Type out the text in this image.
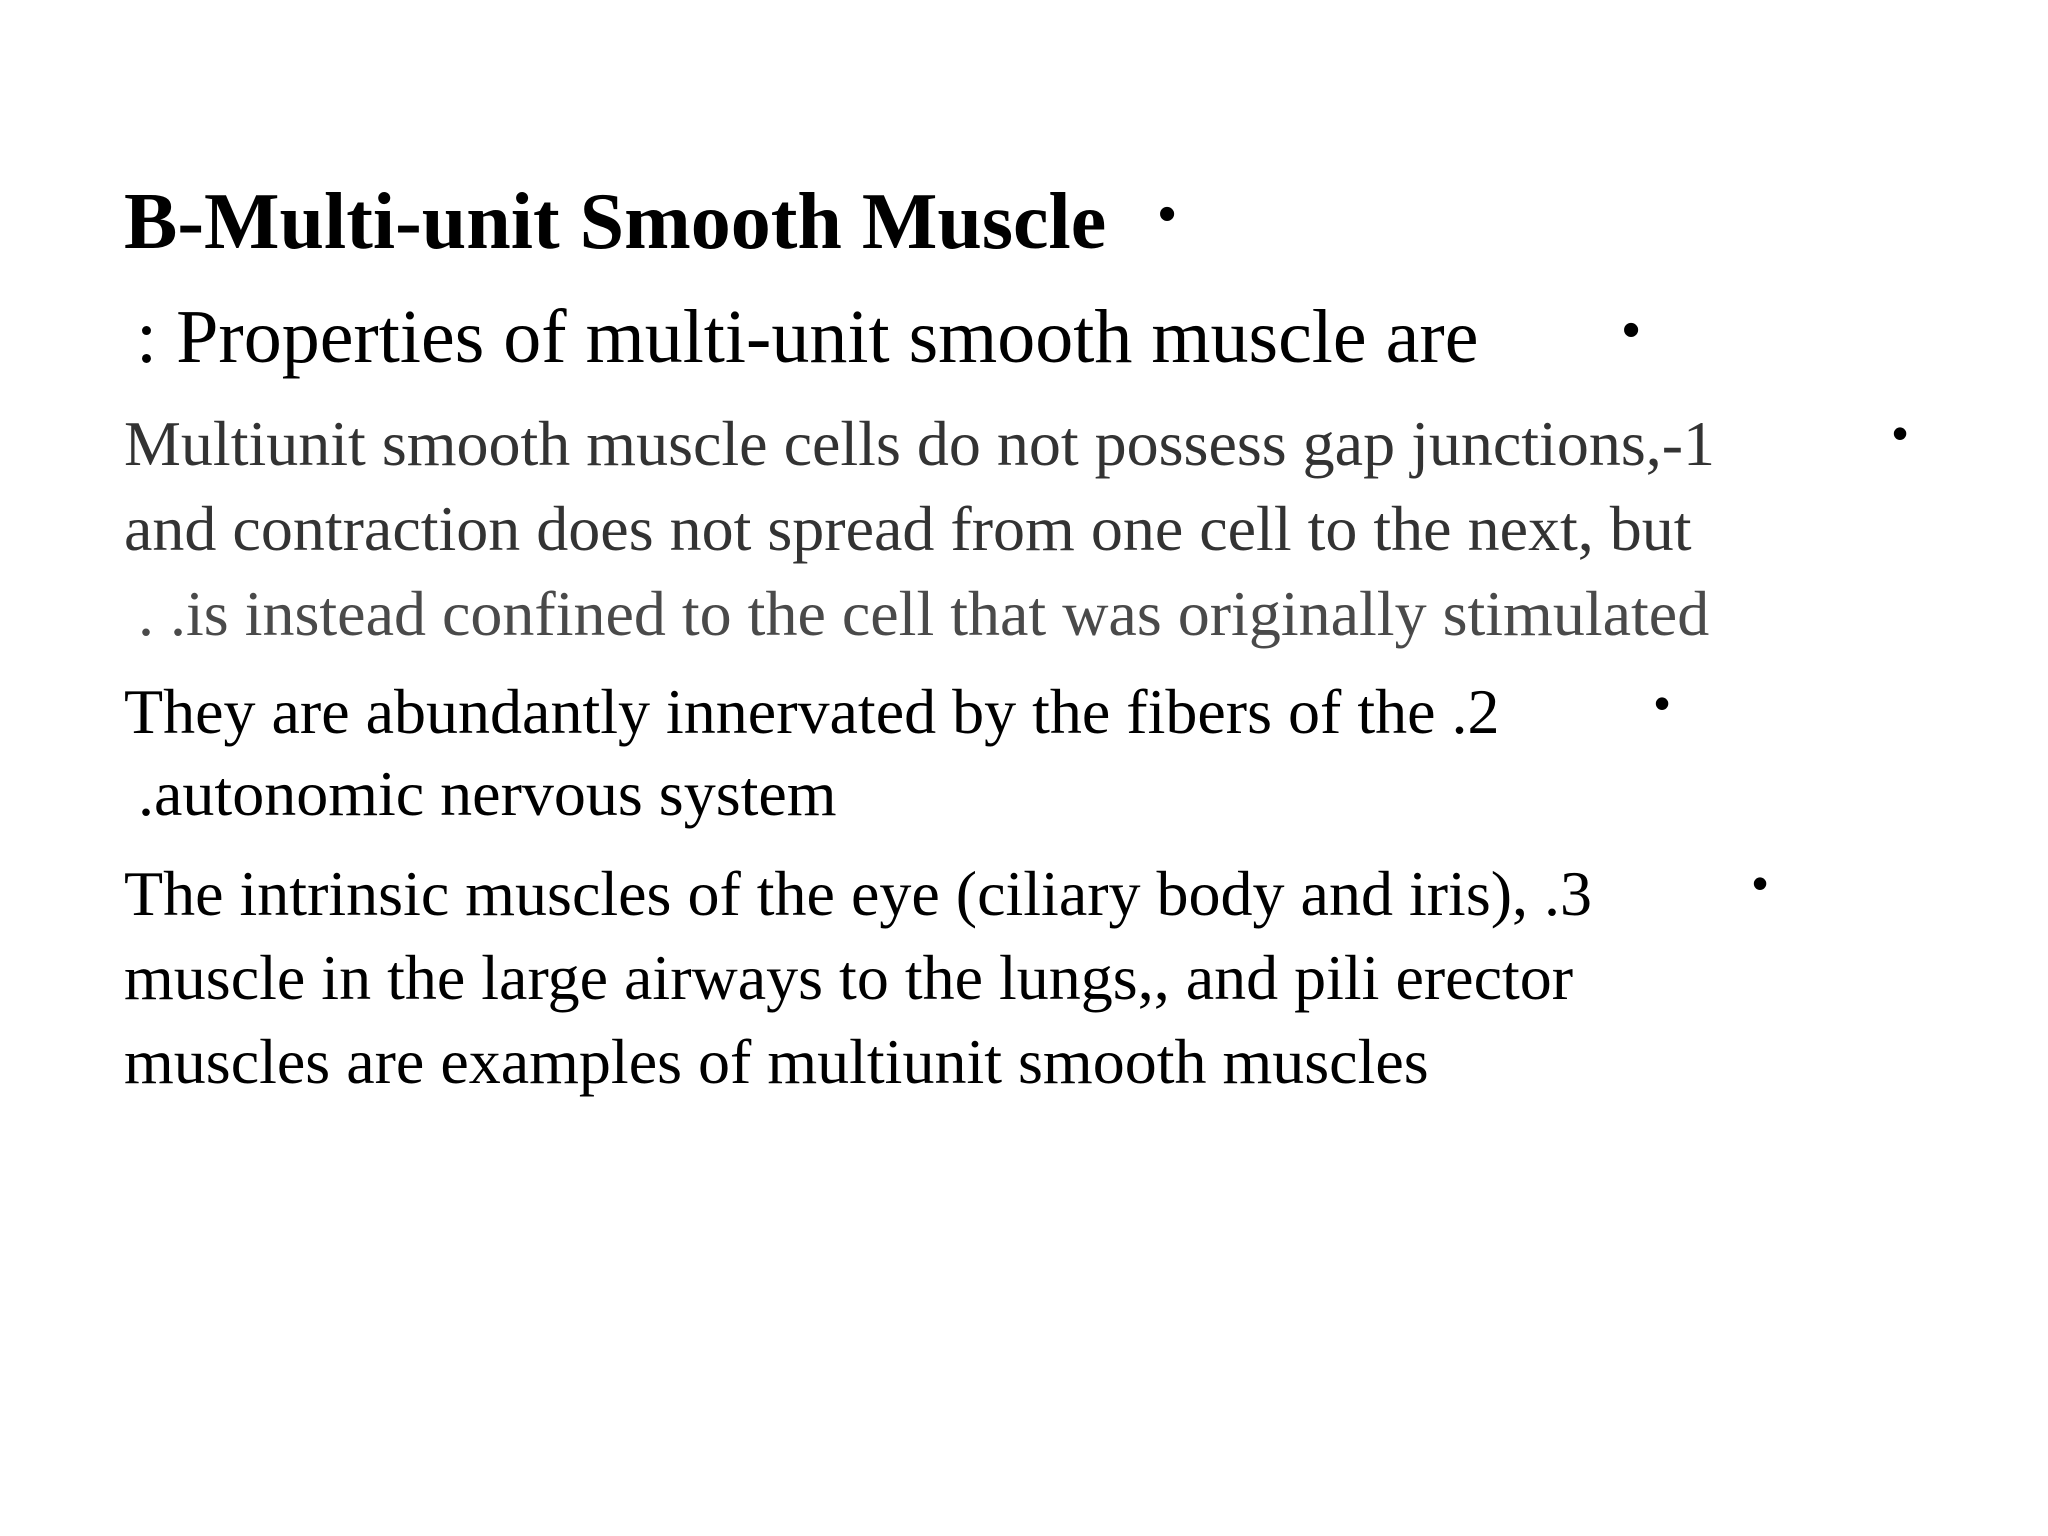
B-Multi-unit Smooth Muscle •
: Properties of multi-unit smooth muscle are	•
Multiunit smooth muscle cells do not possess gap junctions,-1
and contraction does not spread from one cell to the next, but
. .is instead confined to the cell that was originally stimulated
•
They are abundantly innervated by the fibers of the .2
.autonomic nervous system
•
The intrinsic muscles of the eye (ciliary body and iris), .3
muscle in the large airways to the lungs,, and pili erector
muscles are examples of multiunit smooth muscles
•
